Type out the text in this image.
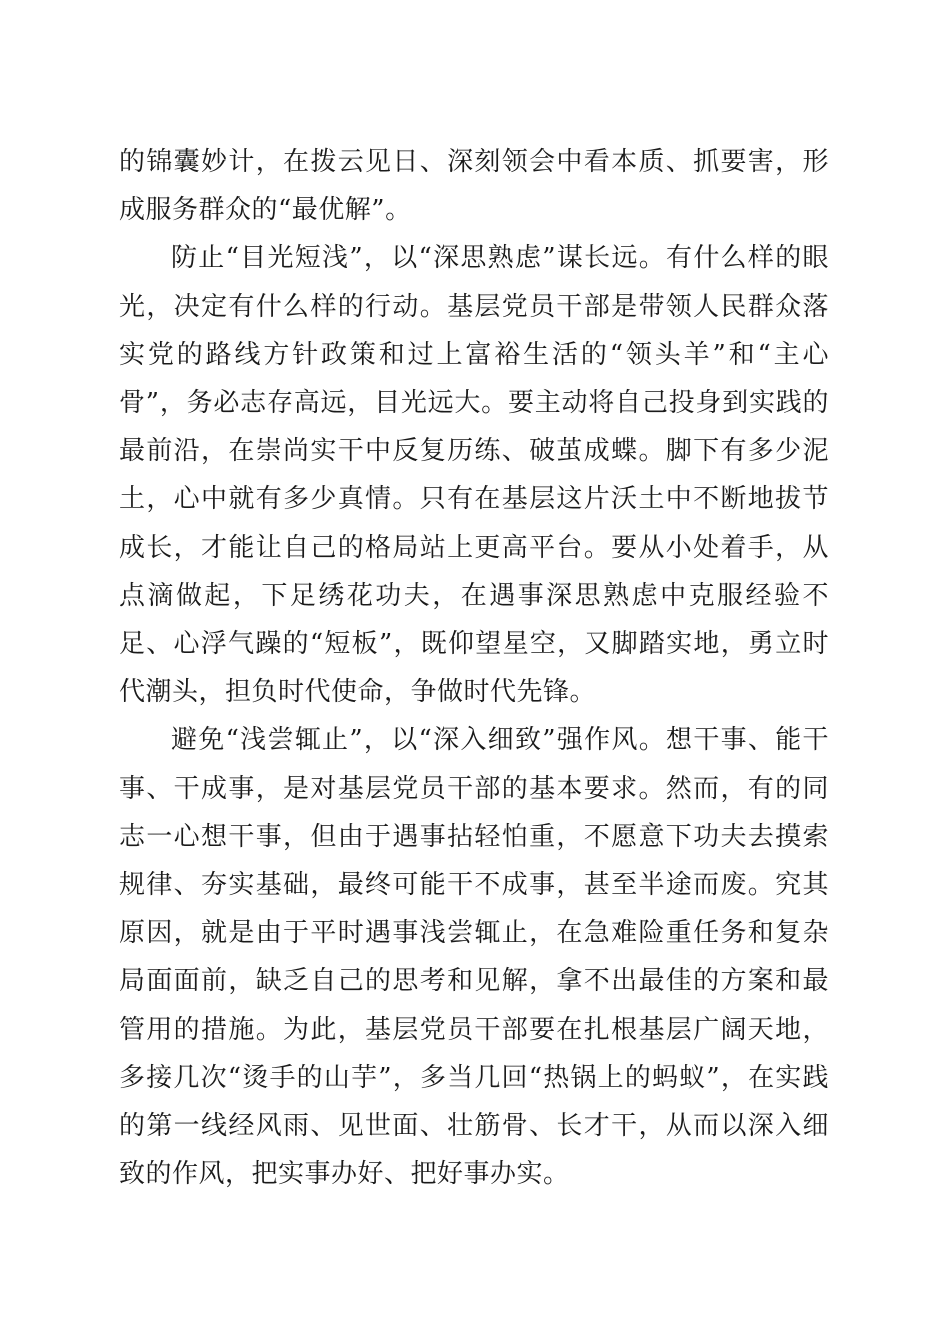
的锦囊妙计，在拨云见日、深刻领会中看本质、抓要害，形成服务群众的“最优解”。

防止“目光短浅”，以“深思熟虑”谋长远。有什么样的眼光，决定有什么样的行动。基层党员干部是带领人民群众落实党的路线方针政策和过上富裕生活的“领头羊”和“主心骨”，务必志存高远，目光远大。要主动将自己投身到实践的最前沿，在崇尚实干中反复历练、破茧成蝶。脚下有多少泥土，心中就有多少真情。只有在基层这片沃土中不断地拔节成长，才能让自己的格局站上更高平台。要从小处着手，从点滴做起，下足绣花功夫，在遇事深思熟虑中克服经验不足、心浮气躁的“短板”，既仰望星空，又脚踏实地，勇立时代潮头，担负时代使命，争做时代先锋。

避免“浅尝辄止”，以“深入细致”强作风。想干事、能干事、干成事，是对基层党员干部的基本要求。然而，有的同志一心想干事，但由于遇事拈轻怕重，不愿意下功夫去摸索规律、夯实基础，最终可能干不成事，甚至半途而废。究其原因，就是由于平时遇事浅尝辄止，在急难险重任务和复杂局面面前，缺乏自己的思考和见解，拿不出最佳的方案和最管用的措施。为此，基层党员干部要在扎根基层广阔天地，多接几次“烫手的山芋”，多当几回“热锅上的蚂蚁”，在实践的第一线经风雨、见世面、壮筋骨、长才干，从而以深入细致的作风，把实事办好、把好事办实。
